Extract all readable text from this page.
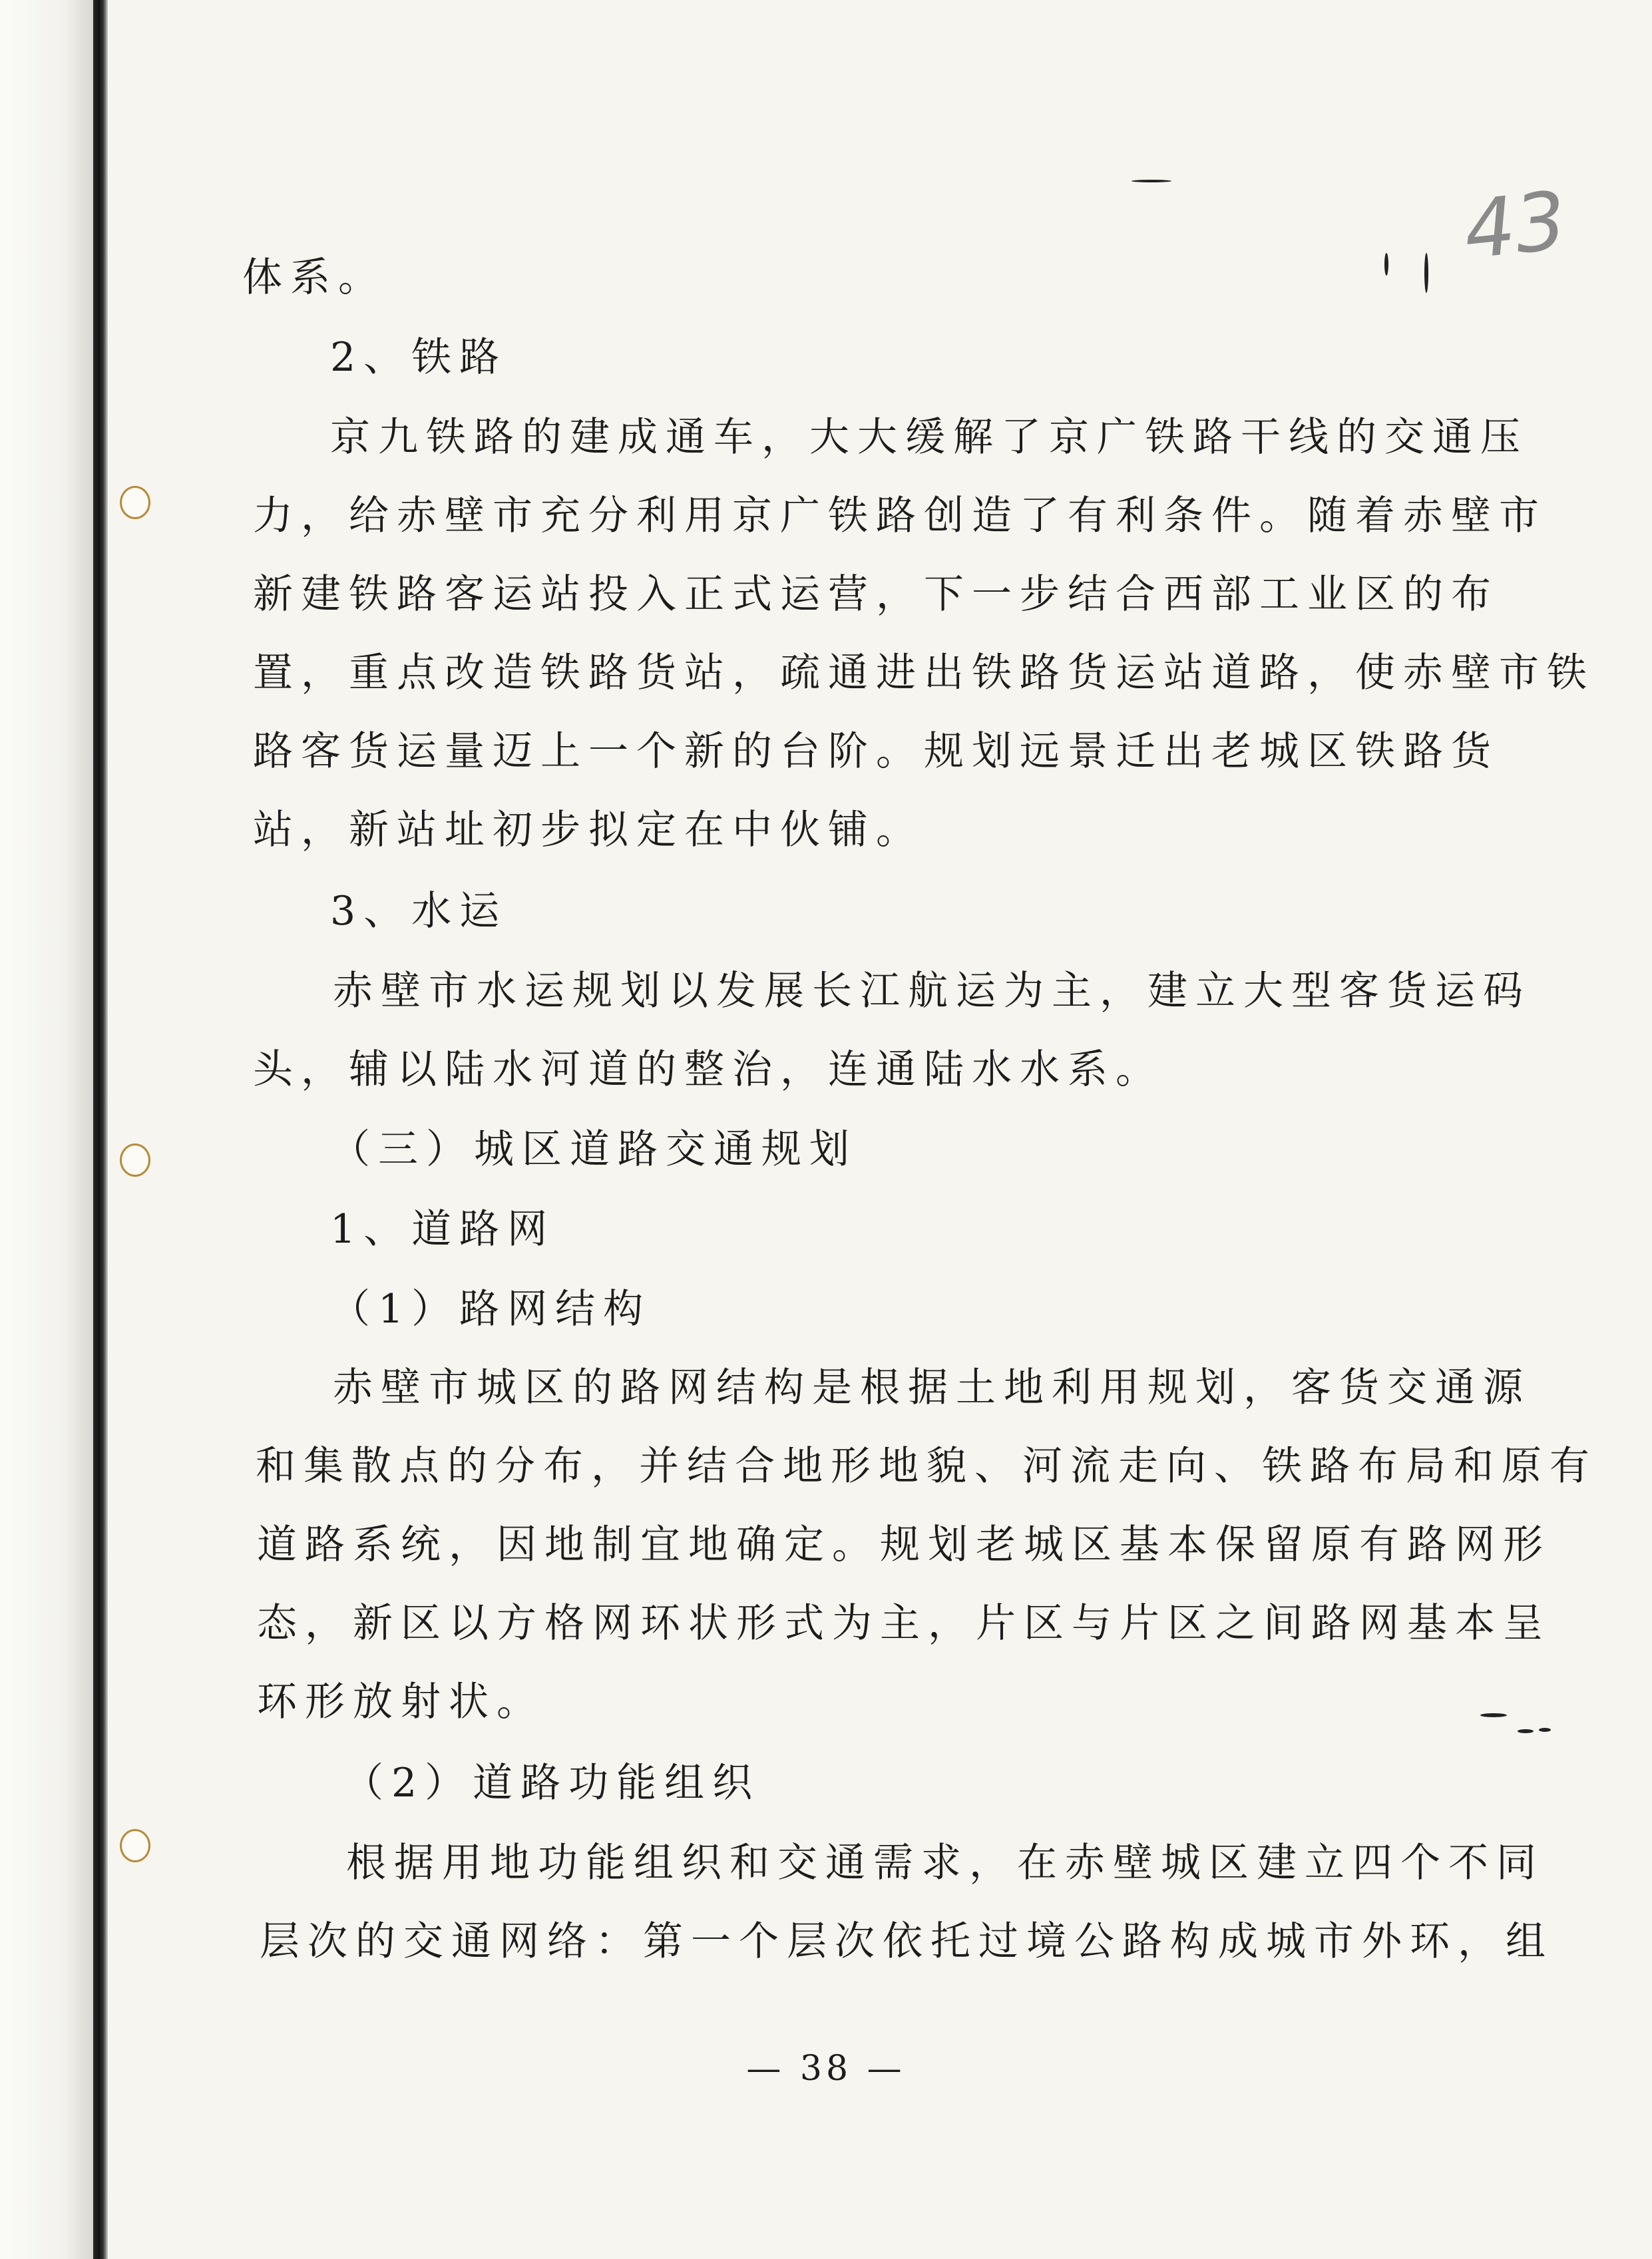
43
体系。
2、铁路
京九铁路的建成通车，大大缓解了京广铁路干线的交通压
力，给赤壁市充分利用京广铁路创造了有利条件。随着赤壁市
新建铁路客运站投入正式运营，下一步结合西部工业区的布
置，重点改造铁路货站，疏通进出铁路货运站道路，使赤壁市铁
路客货运量迈上一个新的台阶。规划远景迁出老城区铁路货
站，新站址初步拟定在中伙铺。
3、水运
赤壁市水运规划以发展长江航运为主，建立大型客货运码
头，辅以陆水河道的整治，连通陆水水系。
（三）城区道路交通规划
1、道路网
（1）路网结构
赤壁市城区的路网结构是根据土地利用规划，客货交通源
和集散点的分布，并结合地形地貌、河流走向、铁路布局和原有
道路系统，因地制宜地确定。规划老城区基本保留原有路网形
态，新区以方格网环状形式为主，片区与片区之间路网基本呈
环形放射状。
（2）道路功能组织
根据用地功能组织和交通需求，在赤壁城区建立四个不同
层次的交通网络：第一个层次依托过境公路构成城市外环，组
— 38 —
